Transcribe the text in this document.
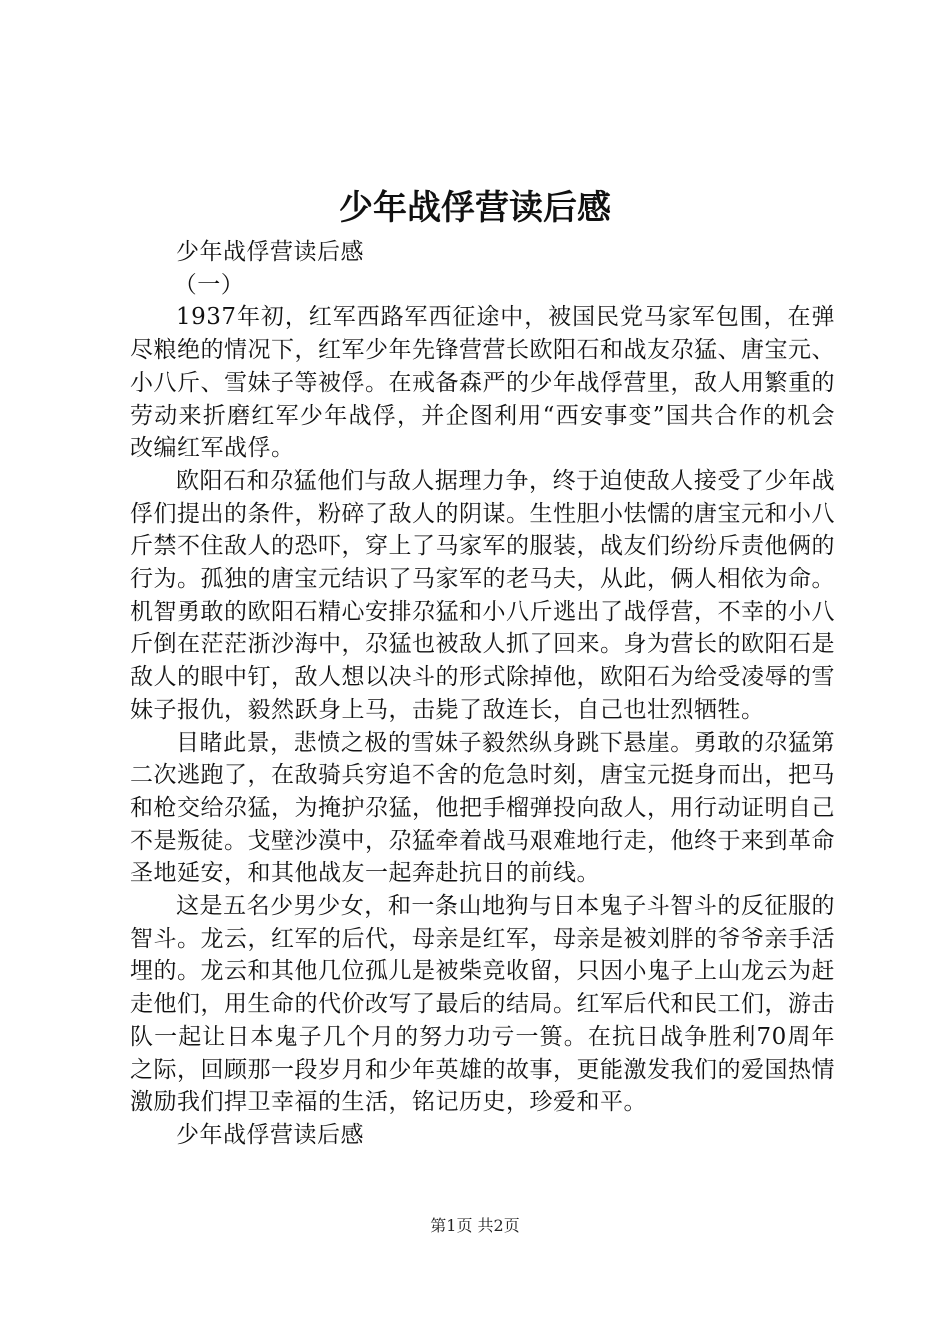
少年战俘营读后感

少年战俘营读后感

（一）

1937年初，红军西路军西征途中，被国民党马家军包围，在弹尽粮绝的情况下，红军少年先锋营营长欧阳石和战友尕猛、唐宝元、小八斤、雪妹子等被俘。在戒备森严的少年战俘营里，敌人用繁重的劳动来折磨红军少年战俘，并企图利用“西安事变”国共合作的机会改编红军战俘。

欧阳石和尕猛他们与敌人据理力争，终于迫使敌人接受了少年战俘们提出的条件，粉碎了敌人的阴谋。生性胆小怯懦的唐宝元和小八斤禁不住敌人的恐吓，穿上了马家军的服装，战友们纷纷斥责他俩的行为。孤独的唐宝元结识了马家军的老马夫，从此，俩人相依为命。机智勇敢的欧阳石精心安排尕猛和小八斤逃出了战俘营，不幸的小八斤倒在茫茫浙沙海中，尕猛也被敌人抓了回来。身为营长的欧阳石是敌人的眼中钉，敌人想以决斗的形式除掉他，欧阳石为给受凌辱的雪妹子报仇，毅然跃身上马，击毙了敌连长，自己也壮烈牺牲。

目睹此景，悲愤之极的雪妹子毅然纵身跳下悬崖。勇敢的尕猛第二次逃跑了，在敌骑兵穷追不舍的危急时刻，唐宝元挺身而出，把马和枪交给尕猛，为掩护尕猛，他把手榴弹投向敌人，用行动证明自己不是叛徒。戈壁沙漠中，尕猛牵着战马艰难地行走，他终于来到革命圣地延安，和其他战友一起奔赴抗日的前线。

这是五名少男少女，和一条山地狗与日本鬼子斗智斗的反征服的智斗。龙云，红军的后代，母亲是红军，母亲是被刘胖的爷爷亲手活埋的。龙云和其他几位孤儿是被柴竞收留，只因小鬼子上山龙云为赶走他们，用生命的代价改写了最后的结局。红军后代和民工们，游击队一起让日本鬼子几个月的努力功亏一篑。在抗日战争胜利70周年之际，回顾那一段岁月和少年英雄的故事，更能激发我们的爱国热情激励我们捍卫幸福的生活，铭记历史，珍爱和平。

少年战俘营读后感

第1页 共2页
